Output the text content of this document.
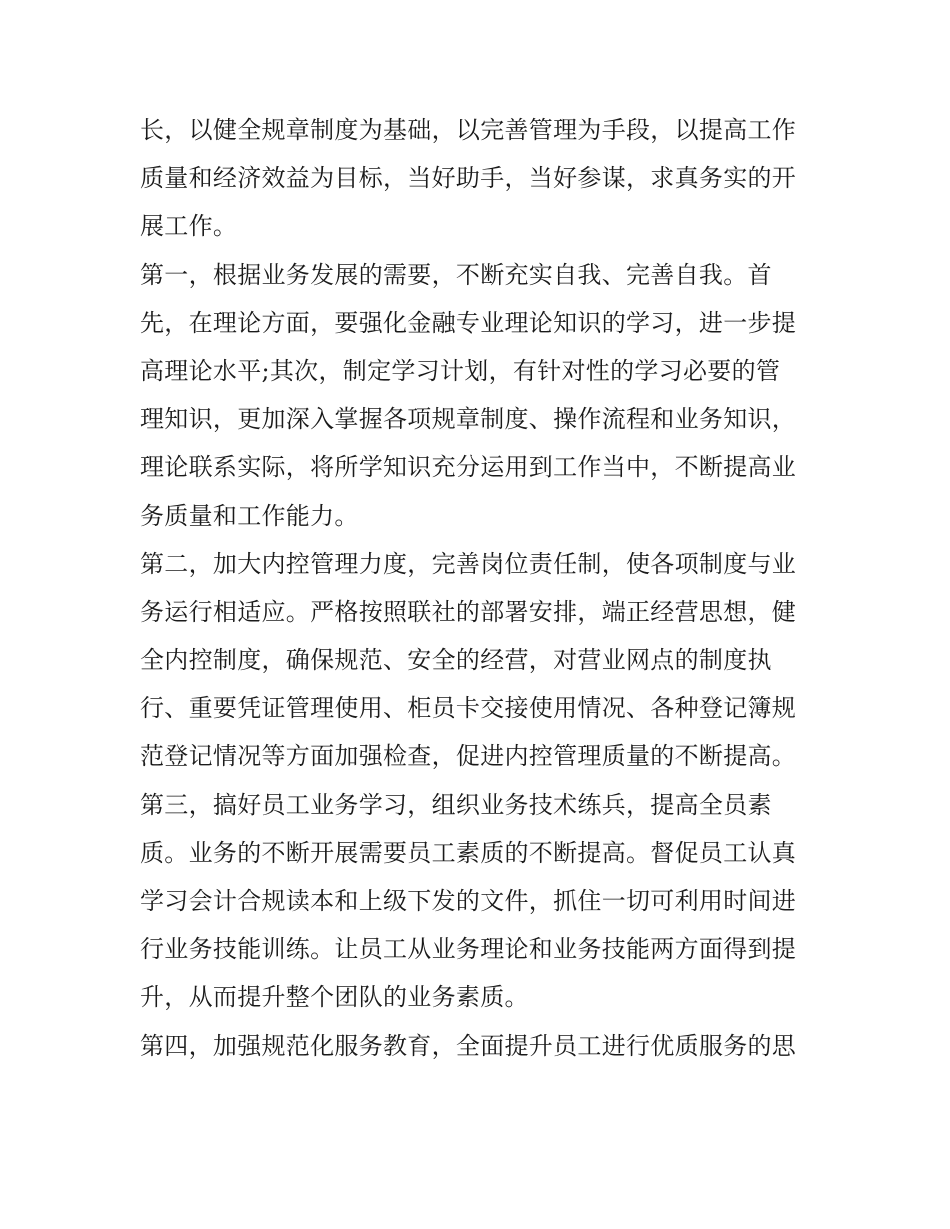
长，以健全规章制度为基础，以完善管理为手段，以提高工作
质量和经济效益为目标，当好助手，当好参谋，求真务实的开
展工作。
第一，根据业务发展的需要，不断充实自我、完善自我。首
先，在理论方面，要强化金融专业理论知识的学习，进一步提
高理论水平;其次，制定学习计划，有针对性的学习必要的管
理知识，更加深入掌握各项规章制度、操作流程和业务知识，
理论联系实际，将所学知识充分运用到工作当中，不断提高业
务质量和工作能力。
第二，加大内控管理力度，完善岗位责任制，使各项制度与业
务运行相适应。严格按照联社的部署安排，端正经营思想，健
全内控制度，确保规范、安全的经营，对营业网点的制度执
行、重要凭证管理使用、柜员卡交接使用情况、各种登记簿规
范登记情况等方面加强检查，促进内控管理质量的不断提高。
第三，搞好员工业务学习，组织业务技术练兵，提高全员素
质。业务的不断开展需要员工素质的不断提高。督促员工认真
学习会计合规读本和上级下发的文件，抓住一切可利用时间进
行业务技能训练。让员工从业务理论和业务技能两方面得到提
升，从而提升整个团队的业务素质。
第四，加强规范化服务教育，全面提升员工进行优质服务的思
